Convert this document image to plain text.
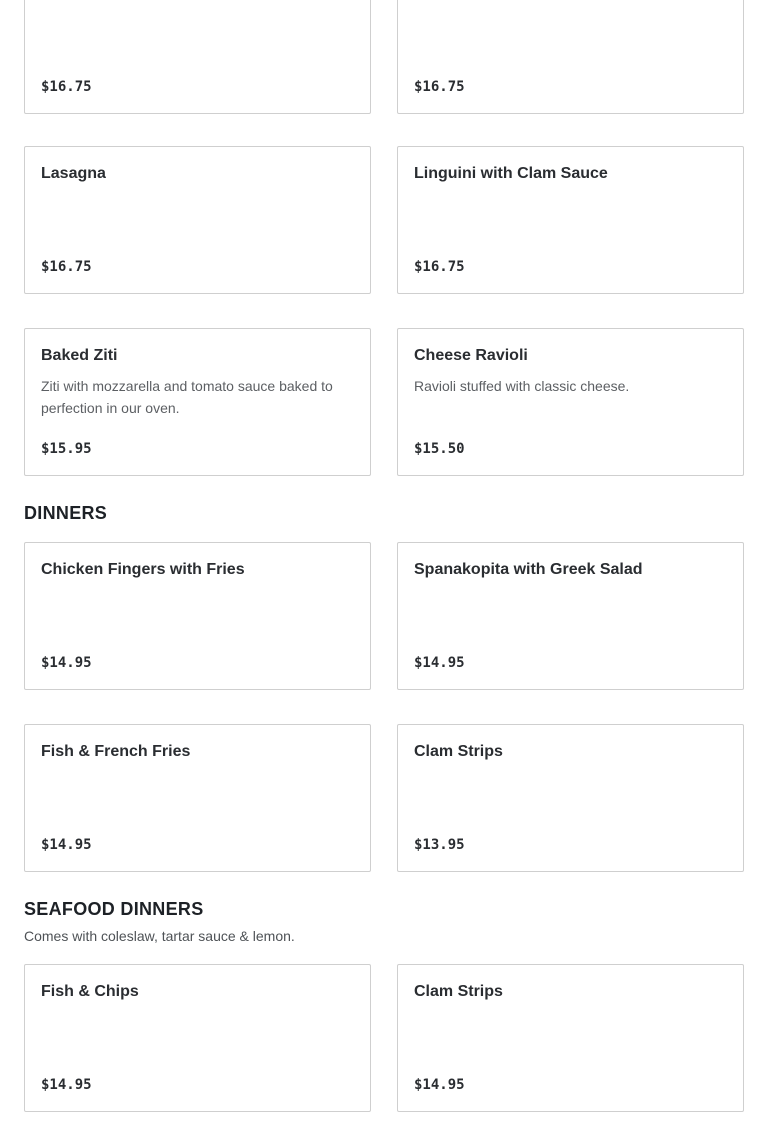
$16.75	$16.75
Lasagna
$16.75
Linguini with Clam Sauce
$16.75
Baked Ziti
Ziti with mozzarella and tomato sauce baked to perfection in our oven.
$15.95
Cheese Ravioli
Ravioli stuffed with classic cheese.
$15.50
DINNERS
Chicken Fingers with Fries
$14.95
Spanakopita with Greek Salad
$14.95
Fish & French Fries
$14.95
Clam Strips
$13.95
SEAFOOD DINNERS
Comes with coleslaw, tartar sauce & lemon.
Fish & Chips
$14.95
Clam Strips
$14.95
